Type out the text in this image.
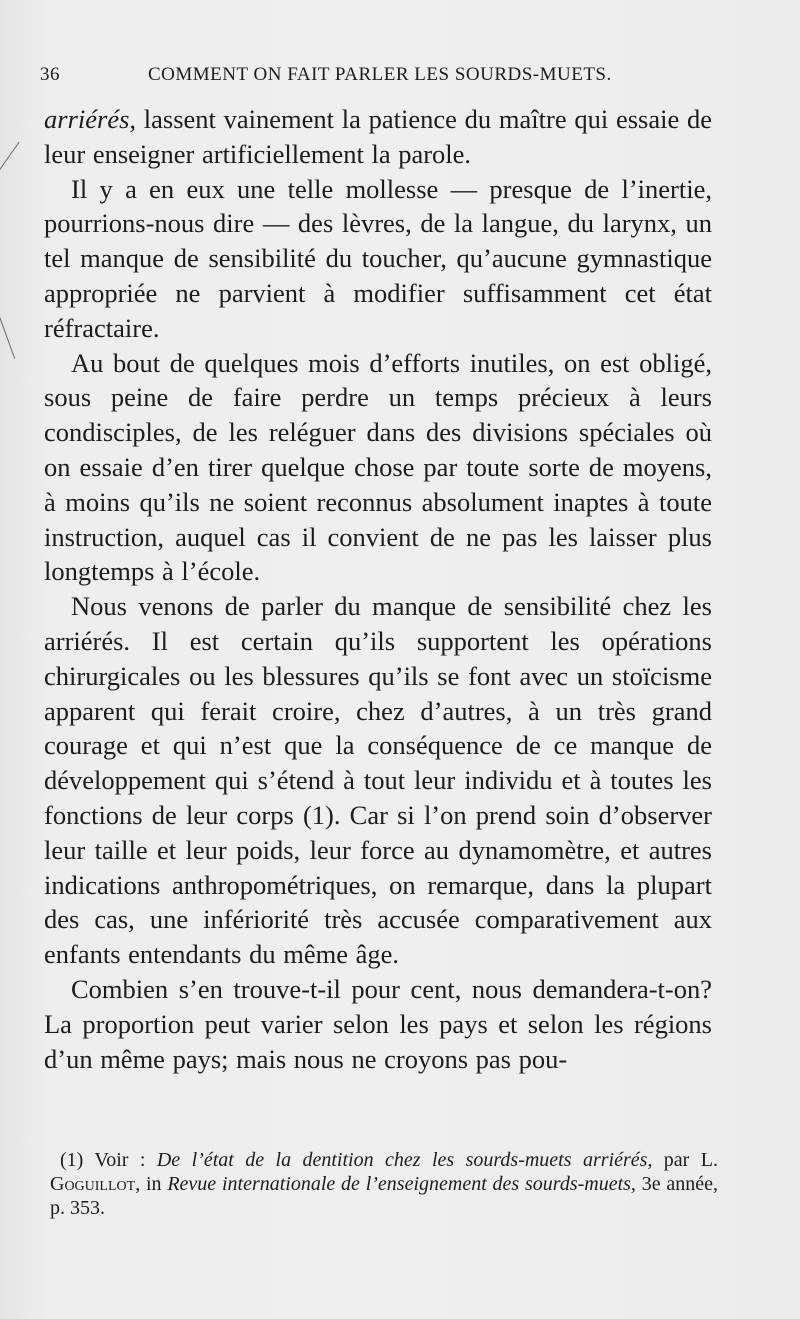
36	COMMENT ON FAIT PARLER LES SOURDS-MUETS.

arriérés, lassent vainement la patience du maître qui essaie de leur enseigner artificiellement la parole.

Il y a en eux une telle mollesse — presque de l’inertie, pourrions-nous dire — des lèvres, de la langue, du larynx, un tel manque de sensibilité du toucher, qu’aucune gymnastique appropriée ne parvient à modifier suffisamment cet état réfractaire.

Au bout de quelques mois d’efforts inutiles, on est obligé, sous peine de faire perdre un temps précieux à leurs condisciples, de les reléguer dans des divisions spéciales où on essaie d’en tirer quelque chose par toute sorte de moyens, à moins qu’ils ne soient reconnus absolument inaptes à toute instruction, auquel cas il convient de ne pas les laisser plus longtemps à l’école.

Nous venons de parler du manque de sensibilité chez les arriérés. Il est certain qu’ils supportent les opérations chirurgicales ou les blessures qu’ils se font avec un stoïcisme apparent qui ferait croire, chez d’autres, à un très grand courage et qui n’est que la conséquence de ce manque de développement qui s’étend à tout leur individu et à toutes les fonctions de leur corps (1). Car si l’on prend soin d’observer leur taille et leur poids, leur force au dynamomètre, et autres indications anthropométriques, on remarque, dans la plupart des cas, une infériorité très accusée comparativement aux enfants entendants du même âge.

Combien s’en trouve-t-il pour cent, nous demandera-t-on? La proportion peut varier selon les pays et selon les régions d’un même pays; mais nous ne croyons pas pou-

(1) Voir : De l’état de la dentition chez les sourds-muets arriérés, par L. Goguillot, in Revue internationale de l’enseignement des sourds-muets, 3e année, p. 353.
